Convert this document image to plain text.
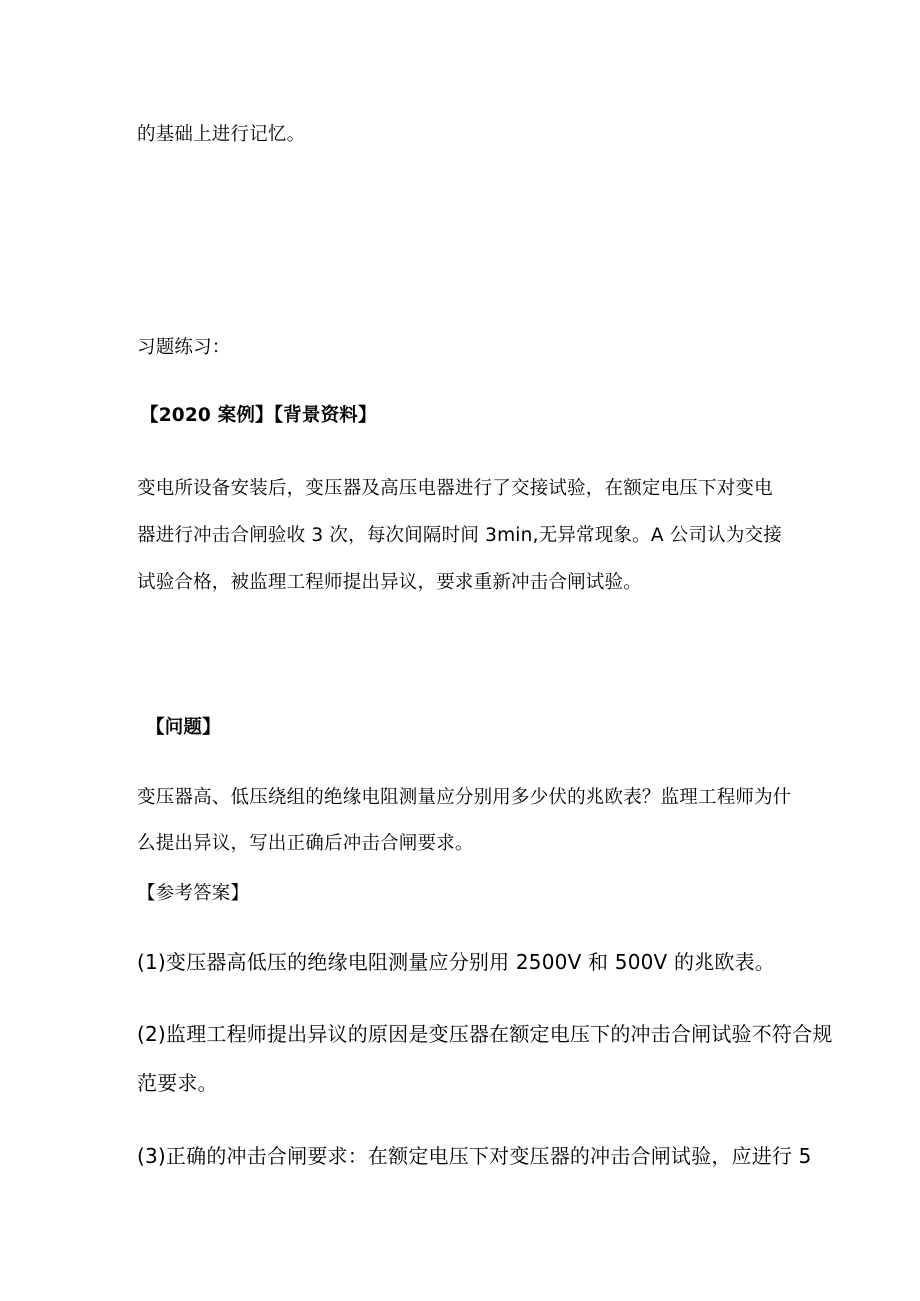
的基础上进行记忆。
习题练习：
【2020 案例】【背景资料】
变电所设备安装后，变压器及高压电器进行了交接试验，在额定电压下对变电
器进行冲击合闸验收 3 次，每次间隔时间 3min,无异常现象。A 公司认为交接
试验合格，被监理工程师提出异议，要求重新冲击合闸试验。
【问题】
变压器高、低压绕组的绝缘电阻测量应分别用多少伏的兆欧表？监理工程师为什
么提出异议，写出正确后冲击合闸要求。
【参考答案】
(1)变压器高低压的绝缘电阻测量应分别用 2500V 和 500V 的兆欧表。
(2)监理工程师提出异议的原因是变压器在额定电压下的冲击合闸试验不符合规
范要求。
(3)正确的冲击合闸要求：在额定电压下对变压器的冲击合闸试验，应进行 5
